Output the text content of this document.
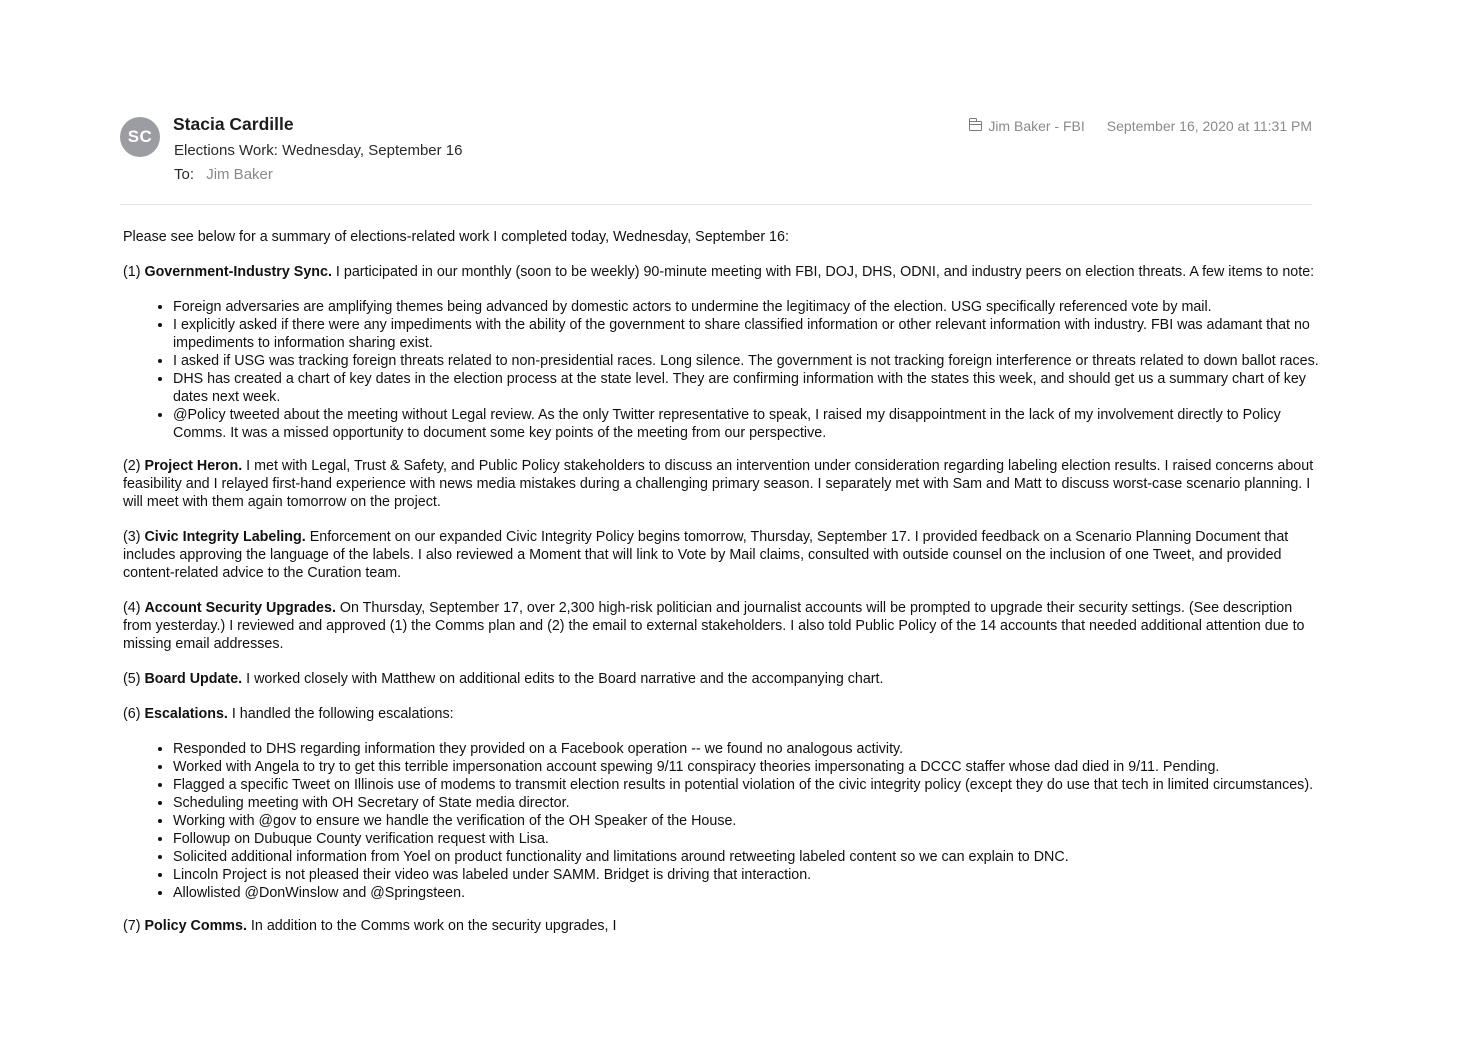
SC
Stacia Cardille
Elections Work: Wednesday, September 16
To: Jim Baker
Jim Baker - FBI September 16, 2020 at 11:31 PM

Please see below for a summary of elections-related work I completed today, Wednesday, September 16:

(1) Government-Industry Sync. I participated in our monthly (soon to be weekly) 90-minute meeting with FBI, DOJ, DHS, ODNI, and industry peers on election threats. A few items to note:

• Foreign adversaries are amplifying themes being advanced by domestic actors to undermine the legitimacy of the election. USG specifically referenced vote by mail.
• I explicitly asked if there were any impediments with the ability of the government to share classified information or other relevant information with industry. FBI was adamant that no impediments to information sharing exist.
• I asked if USG was tracking foreign threats related to non-presidential races. Long silence. The government is not tracking foreign interference or threats related to down ballot races.
• DHS has created a chart of key dates in the election process at the state level. They are confirming information with the states this week, and should get us a summary chart of key dates next week.
• @Policy tweeted about the meeting without Legal review. As the only Twitter representative to speak, I raised my disappointment in the lack of my involvement directly to Policy Comms. It was a missed opportunity to document some key points of the meeting from our perspective.

(2) Project Heron. I met with Legal, Trust & Safety, and Public Policy stakeholders to discuss an intervention under consideration regarding labeling election results. I raised concerns about feasibility and I relayed first-hand experience with news media mistakes during a challenging primary season. I separately met with Sam and Matt to discuss worst-case scenario planning. I will meet with them again tomorrow on the project.

(3) Civic Integrity Labeling. Enforcement on our expanded Civic Integrity Policy begins tomorrow, Thursday, September 17. I provided feedback on a Scenario Planning Document that includes approving the language of the labels. I also reviewed a Moment that will link to Vote by Mail claims, consulted with outside counsel on the inclusion of one Tweet, and provided content-related advice to the Curation team.

(4) Account Security Upgrades. On Thursday, September 17, over 2,300 high-risk politician and journalist accounts will be prompted to upgrade their security settings. (See description from yesterday.) I reviewed and approved (1) the Comms plan and (2) the email to external stakeholders. I also told Public Policy of the 14 accounts that needed additional attention due to missing email addresses.

(5) Board Update. I worked closely with Matthew on additional edits to the Board narrative and the accompanying chart.

(6) Escalations. I handled the following escalations:

• Responded to DHS regarding information they provided on a Facebook operation -- we found no analogous activity.
• Worked with Angela to try to get this terrible impersonation account spewing 9/11 conspiracy theories impersonating a DCCC staffer whose dad died in 9/11. Pending.
• Flagged a specific Tweet on Illinois use of modems to transmit election results in potential violation of the civic integrity policy (except they do use that tech in limited circumstances).
• Scheduling meeting with OH Secretary of State media director.
• Working with @gov to ensure we handle the verification of the OH Speaker of the House.
• Followup on Dubuque County verification request with Lisa.
• Solicited additional information from Yoel on product functionality and limitations around retweeting labeled content so we can explain to DNC.
• Lincoln Project is not pleased their video was labeled under SAMM. Bridget is driving that interaction.
• Allowlisted @DonWinslow and @Springsteen.

(7) Policy Comms. In addition to the Comms work on the security upgrades, I
